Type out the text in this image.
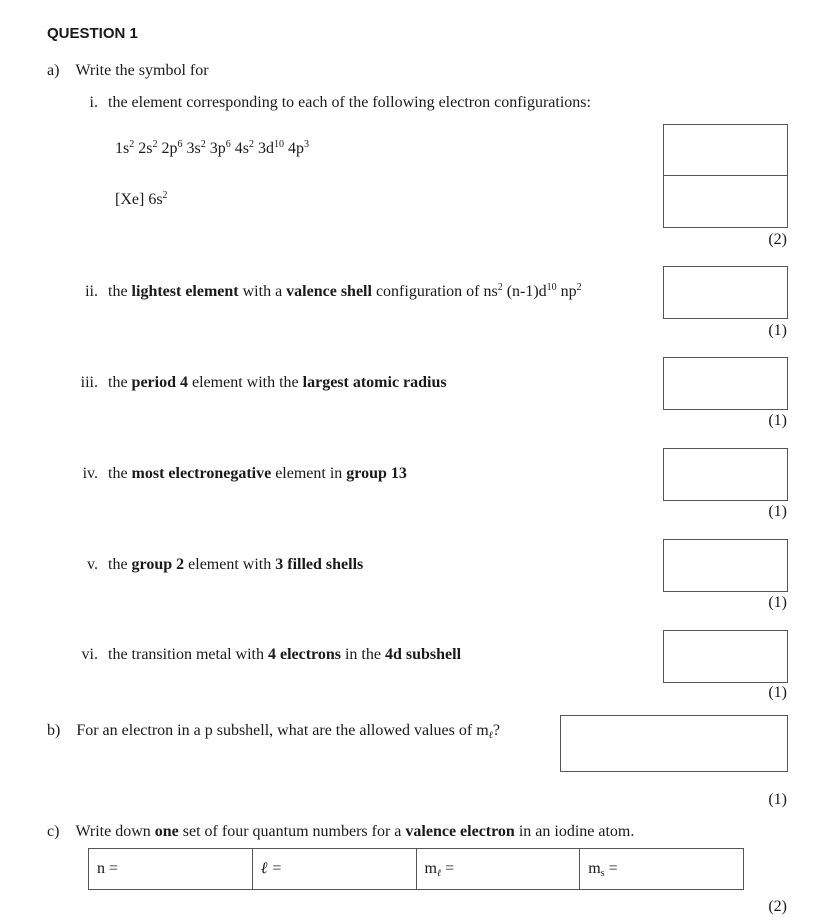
QUESTION 1
a) Write the symbol for
i. the element corresponding to each of the following electron configurations:
$1s^2$ $2s^2$ $2p^6$ $3s^2$ $3p^6$ $4s^2$ $3d^{10}$ $4p^3$
[Xe] $6s^2$
(2)
ii. the lightest element with a valence shell configuration of $ns^2$ $(n-1)d^{10}$ $np^2$
(1)
iii. the period 4 element with the largest atomic radius
(1)
iv. the most electronegative element in group 13
(1)
v. the group 2 element with 3 filled shells
(1)
vi. the transition metal with 4 electrons in the 4d subshell
(1)
b) For an electron in a p subshell, what are the allowed values of $m_\ell$?
(1)
c) Write down one set of four quantum numbers for a valence electron in an iodine atom.
n =	ℓ =	$m_\ell$ =	$m_s$ =
(2)
